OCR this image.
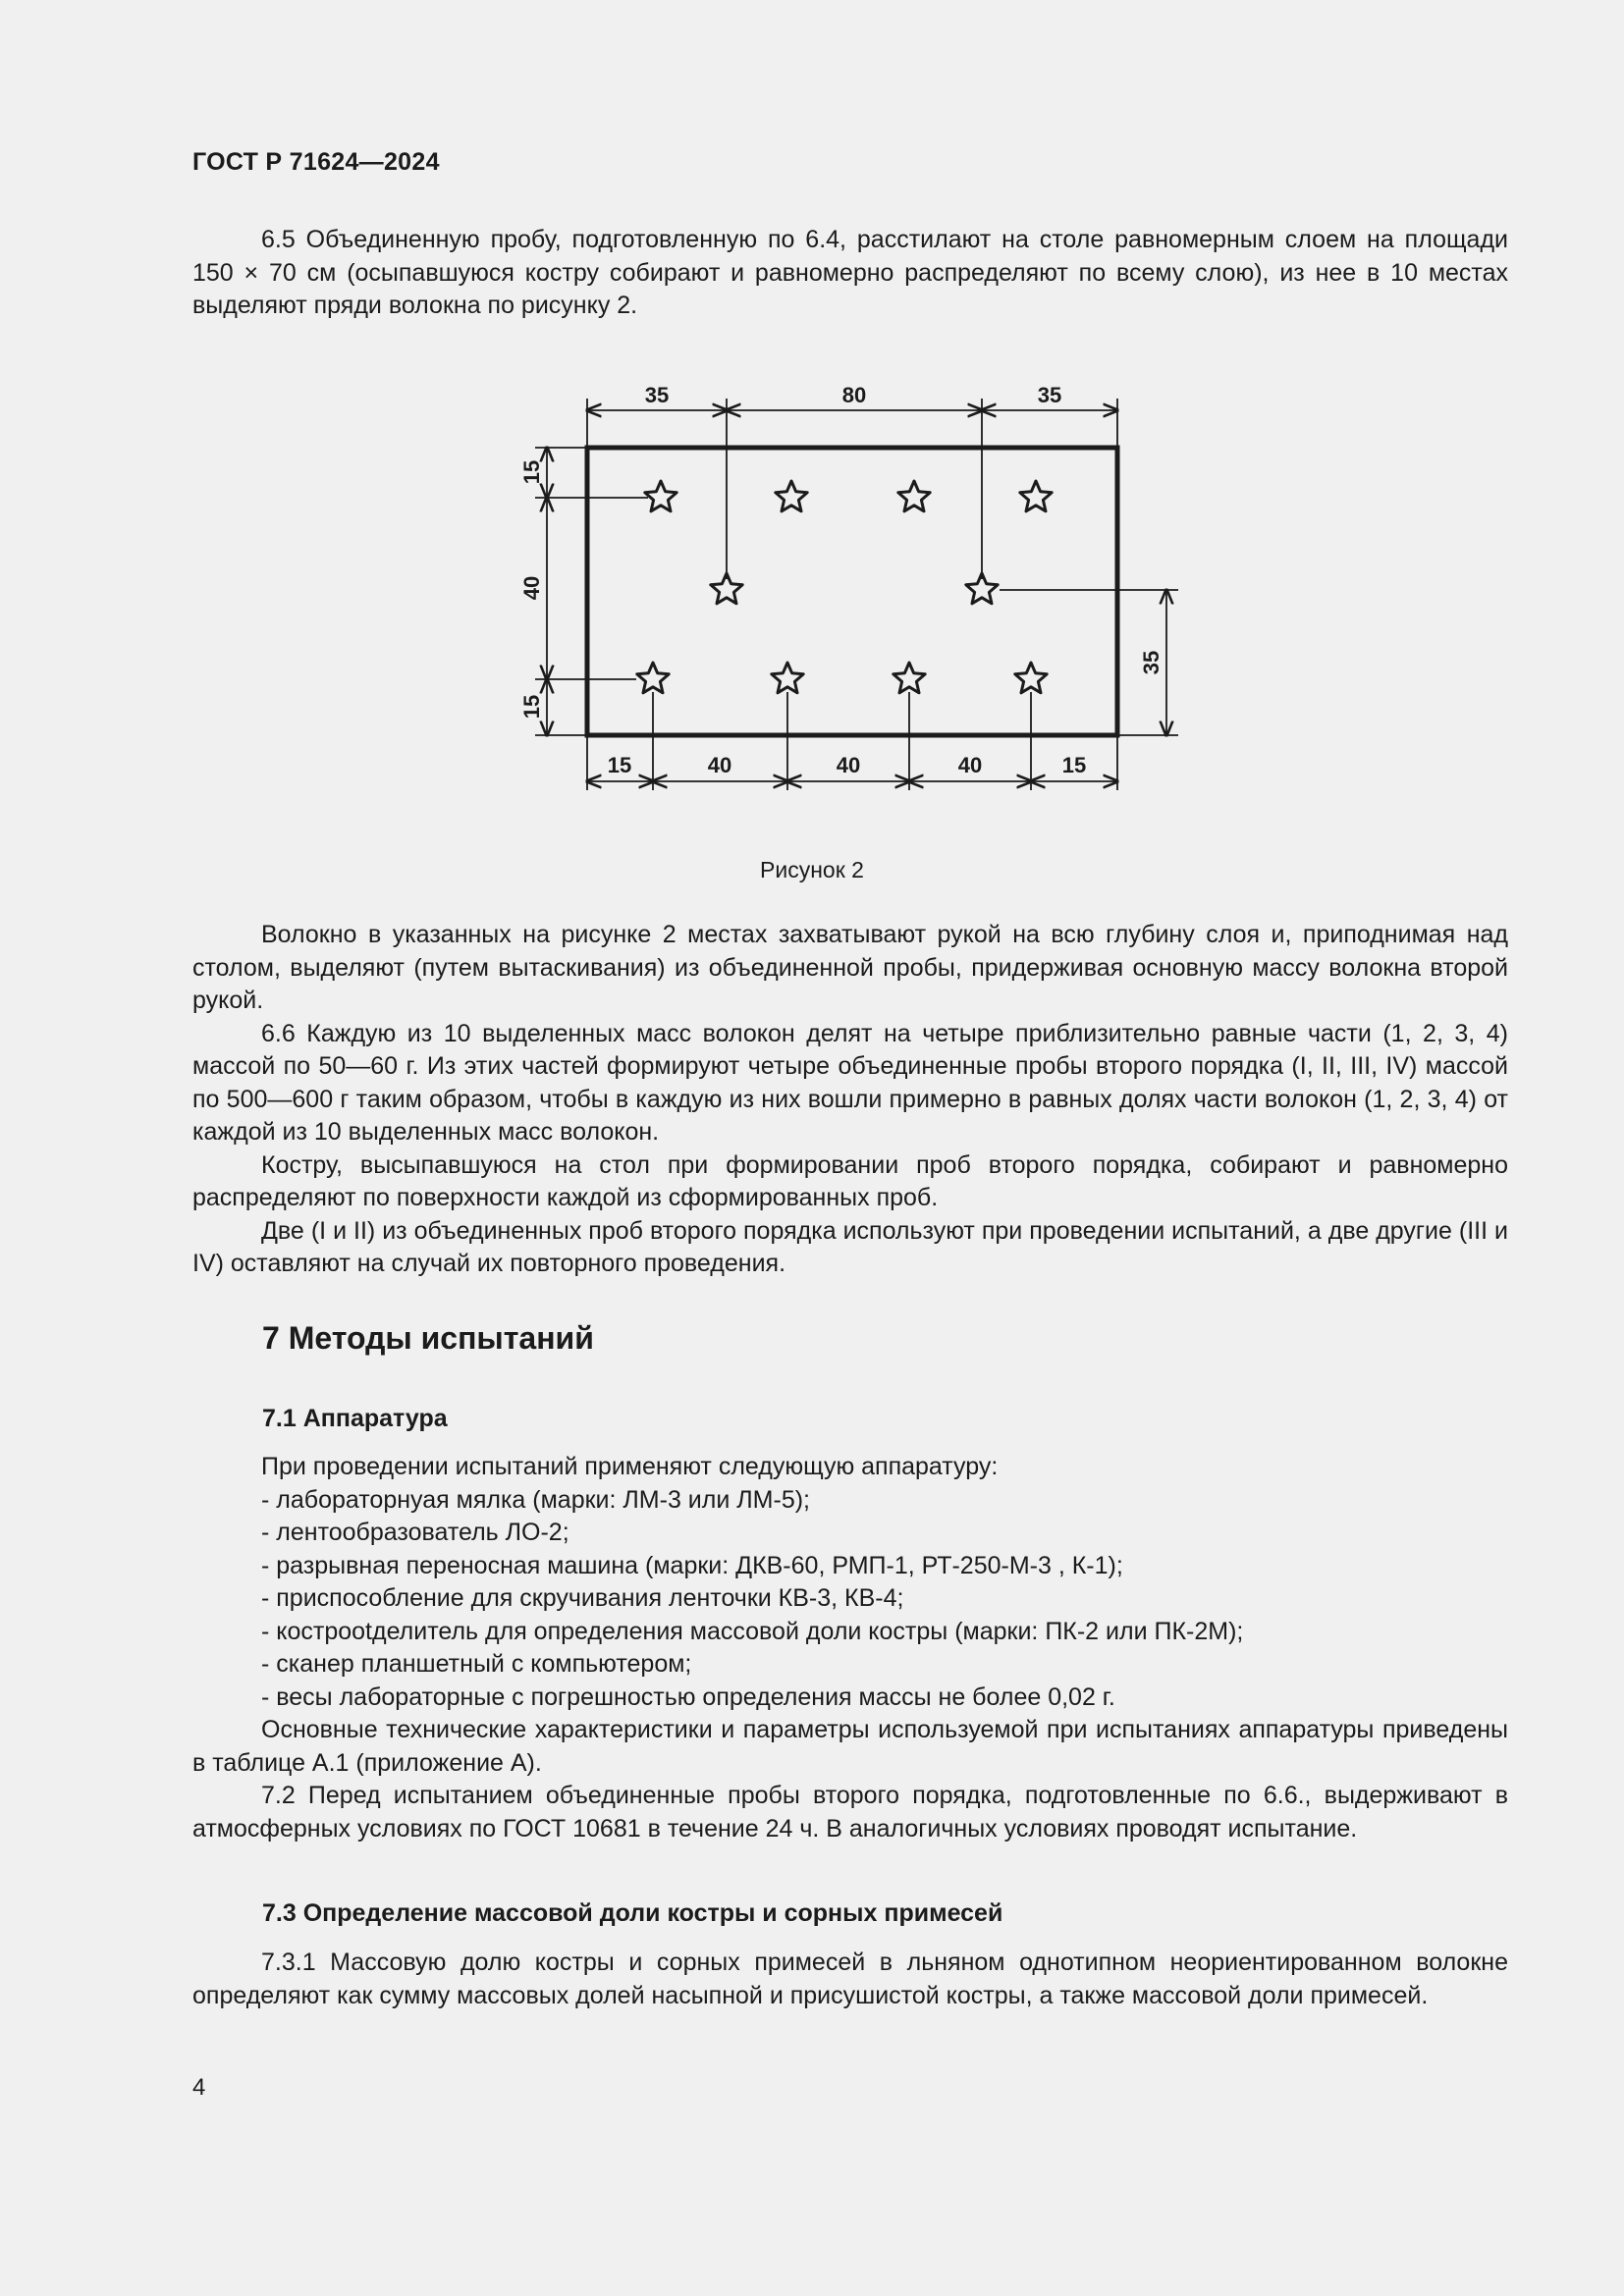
ГОСТ Р 71624—2024

6.5 Объединенную пробу, подготовленную по 6.4, расстилают на столе равномерным слоем на площади 150 × 70 см (осыпавшуюся костру собирают и равномерно распределяют по всему слою), из нее в 10 местах выделяют пряди волокна по рисунку 2.

35	80	35
15
40
15
35
15	40	40	40	15
Рисунок 2

Волокно в указанных на рисунке 2 местах захватывают рукой на всю глубину слоя и, приподнимая над столом, выделяют (путем вытаскивания) из объединенной пробы, придерживая основную массу волокна второй рукой.

6.6 Каждую из 10 выделенных масс волокон делят на четыре приблизительно равные части (1, 2, 3, 4) массой по 50—60 г. Из этих частей формируют четыре объединенные пробы второго порядка (I, II, III, IV) массой по 500—600 г таким образом, чтобы в каждую из них вошли примерно в равных долях части волокон (1, 2, 3, 4) от каждой из 10 выделенных масс волокон.

Костру, высыпавшуюся на стол при формировании проб второго порядка, собирают и равномерно распределяют по поверхности каждой из сформированных проб.

Две (I и II) из объединенных проб второго порядка используют при проведении испытаний, а две другие (III и IV) оставляют на случай их повторного проведения.

7 Методы испытаний
7.1 Аппаратура

При проведении испытаний применяют следующую аппаратуру:

- лабораторнуая мялка (марки: ЛМ-3 или ЛМ-5);

- лентообразователь ЛО-2;

- разрывная переносная машина (марки: ДКВ-60, РМП-1, РТ-250-М-3 , К-1);

- приспособление для скручивания ленточки КВ-3, КВ-4;

- кострootделитель для определения массовой доли костры (марки: ПК-2 или ПК-2М);

- сканер планшетный с компьютером;

- весы лабораторные с погрешностью определения массы не более 0,02 г.

Основные технические характеристики и параметры используемой при испытаниях аппаратуры приведены в таблице А.1 (приложение А).

7.2 Перед испытанием объединенные пробы второго порядка, подготовленные по 6.6., выдерживают в атмосферных условиях по ГОСТ 10681 в течение 24 ч. В аналогичных условиях проводят испытание.

7.3 Определение массовой доли костры и сорных примесей

7.3.1 Массовую долю костры и сорных примесей в льняном однотипном неориентированном волокне определяют как сумму массовых долей насыпной и присушистой костры, а также массовой доли примесей.

4
